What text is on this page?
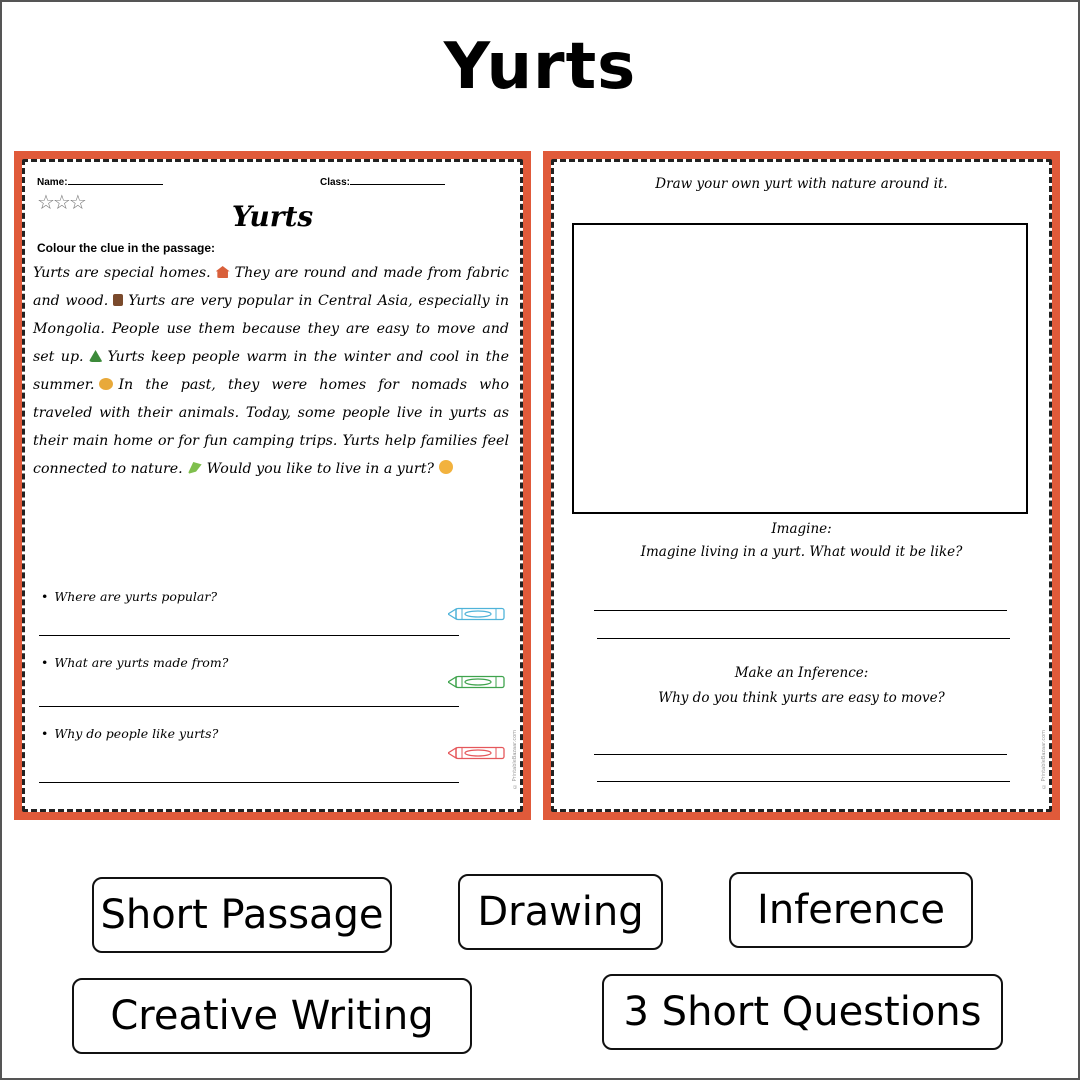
Yurts
Name:	Class:
☆☆☆	Yurts
Colour the clue in the passage:
Yurts are special homes. They are round and made from fabric and wood. Yurts are very popular in Central Asia, especially in Mongolia. People use them because they are easy to move and set up. Yurts keep people warm in the winter and cool in the summer. In the past, they were homes for nomads who traveled with their animals. Today, some people live in yurts as their main home or for fun camping trips. Yurts help families feel connected to nature. Would you like to live in a yurt?
• Where are yurts popular?
• What are yurts made from?
• Why do people like yurts?	© PrintableBazaar.com
Draw your own yurt with nature around it.
Imagine:
Imagine living in a yurt. What would it be like?
Make an Inference:
Why do you think yurts are easy to move?
© PrintableBazaar.com
Short Passage	Drawing	Inference
Creative Writing	3 Short Questions
